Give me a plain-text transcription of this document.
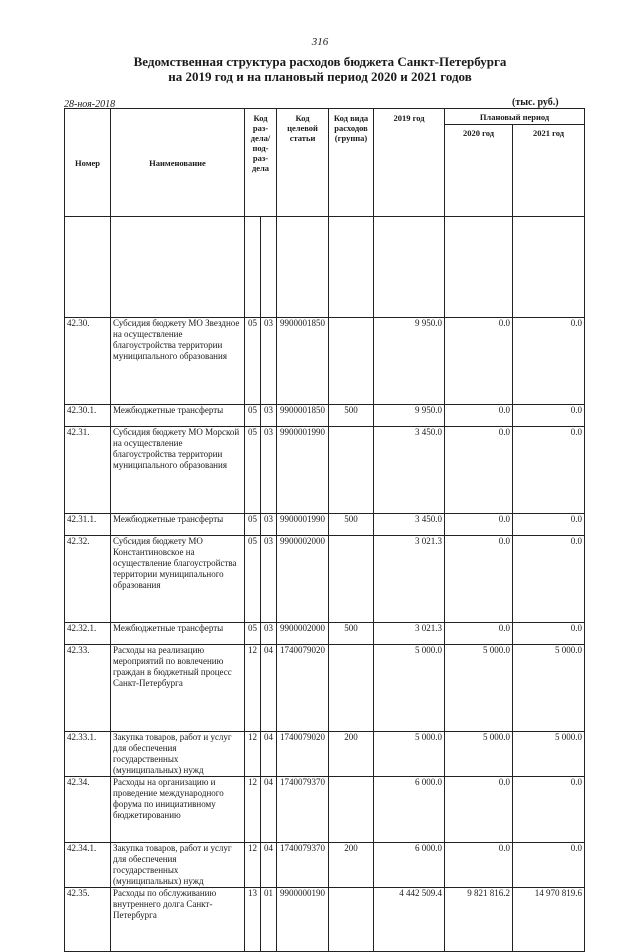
316
Ведомственная структура расходов бюджета Санкт-Петербурга
на 2019 год и на плановый период 2020 и 2021 годов
28-ноя-2018	(тыс. руб.)
Номер	Наименование	Код раз-дела/ под-раз-дела		Код целевой статьи	Код вида расходов (группа)	2019 год	Плановый период	
							2020 год	2021 год

42.30.	Субсидия бюджету МО Звездное на осуществление благоустройства территории муниципального образования	05	03	9900001850		9 950.0	0.0	0.0
42.30.1.	Межбюджетные трансферты	05	03	9900001850	500	9 950.0	0.0	0.0
42.31.	Субсидия бюджету МО Морской на осуществление благоустройства территории муниципального образования	05	03	9900001990		3 450.0	0.0	0.0
42.31.1.	Межбюджетные трансферты	05	03	9900001990	500	3 450.0	0.0	0.0
42.32.	Субсидия бюджету МО Константиновское на осуществление благоустройства территории муниципального образования	05	03	9900002000		3 021.3	0.0	0.0
42.32.1.	Межбюджетные трансферты	05	03	9900002000	500	3 021.3	0.0	0.0
42.33.	Расходы на реализацию мероприятий по вовлечению граждан в бюджетный процесс Санкт-Петербурга	12	04	1740079020		5 000.0	5 000.0	5 000.0
42.33.1.	Закупка товаров, работ и услуг для обеспечения государственных (муниципальных) нужд	12	04	1740079020	200	5 000.0	5 000.0	5 000.0
42.34.	Расходы на организацию и проведение международного форума по инициативному бюджетированию	12	04	1740079370		6 000.0	0.0	0.0
42.34.1.	Закупка товаров, работ и услуг для обеспечения государственных (муниципальных) нужд	12	04	1740079370	200	6 000.0	0.0	0.0
42.35.	Расходы по обслуживанию внутреннего долга Санкт-Петербурга	13	01	9900000190		4 442 509.4	9 821 816.2	14 970 819.6
